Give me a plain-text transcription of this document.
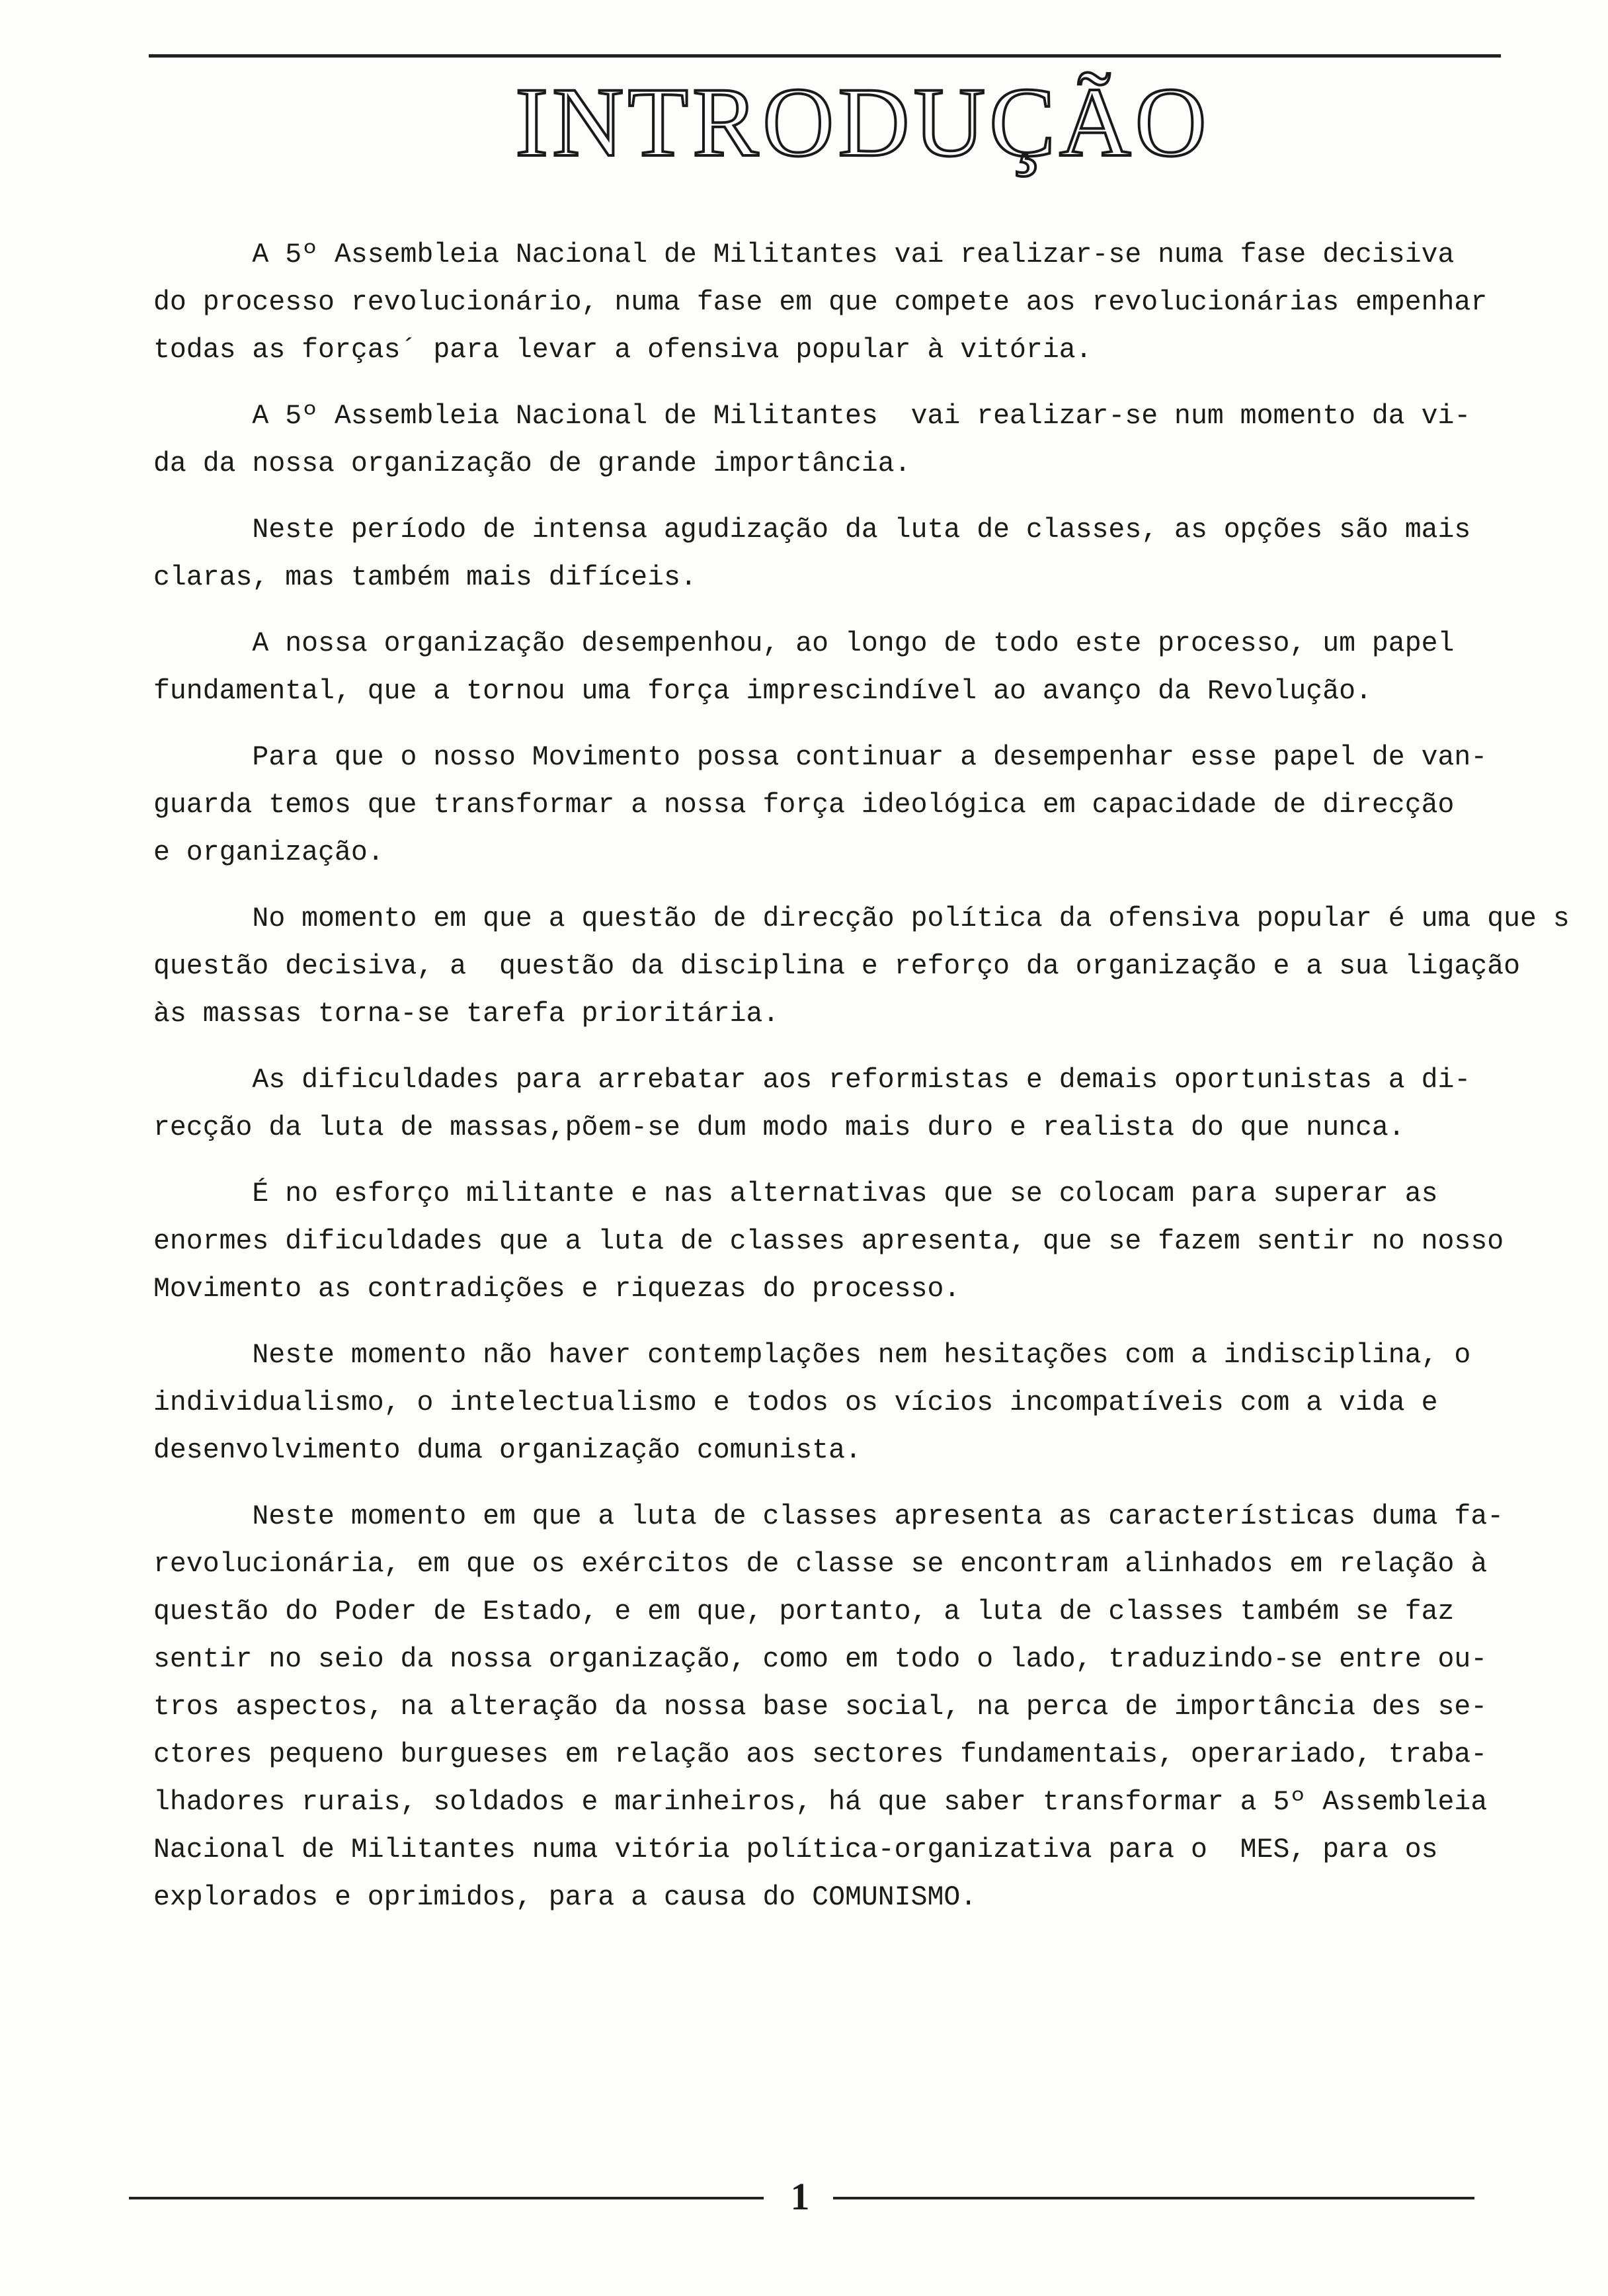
INTRODUÇÃO
A 5º Assembleia Nacional de Militantes vai realizar-se numa fase decisiva
do processo revolucionário, numa fase em que compete aos revolucionárias empenhar
todas as forças´ para levar a ofensiva popular à vitória.
A 5º Assembleia Nacional de Militantes  vai realizar-se num momento da vi-
da da nossa organização de grande importância.
Neste período de intensa agudização da luta de classes, as opções são mais
claras, mas também mais difíceis.
A nossa organização desempenhou, ao longo de todo este processo, um papel
fundamental, que a tornou uma força imprescindível ao avanço da Revolução.
Para que o nosso Movimento possa continuar a desempenhar esse papel de van-
guarda temos que transformar a nossa força ideológica em capacidade de direcção
e organização.
No momento em que a questão de direcção política da ofensiva popular é uma que s
questão decisiva, a  questão da disciplina e reforço da organização e a sua ligação
às massas torna-se tarefa prioritária.
As dificuldades para arrebatar aos reformistas e demais oportunistas a di-
recção da luta de massas,põem-se dum modo mais duro e realista do que nunca.
É no esforço militante e nas alternativas que se colocam para superar as
enormes dificuldades que a luta de classes apresenta, que se fazem sentir no nosso
Movimento as contradições e riquezas do processo.
Neste momento não haver contemplações nem hesitações com a indisciplina, o
individualismo, o intelectualismo e todos os vícios incompatíveis com a vida e
desenvolvimento duma organização comunista.
Neste momento em que a luta de classes apresenta as características duma fa-
revolucionária, em que os exércitos de classe se encontram alinhados em relação à
questão do Poder de Estado, e em que, portanto, a luta de classes também se faz
sentir no seio da nossa organização, como em todo o lado, traduzindo-se entre ou-
tros aspectos, na alteração da nossa base social, na perca de importância des se-
ctores pequeno burgueses em relação aos sectores fundamentais, operariado, traba-
lhadores rurais, soldados e marinheiros, há que saber transformar a 5º Assembleia
Nacional de Militantes numa vitória política-organizativa para o  MES, para os
explorados e oprimidos, para a causa do COMUNISMO.
1
